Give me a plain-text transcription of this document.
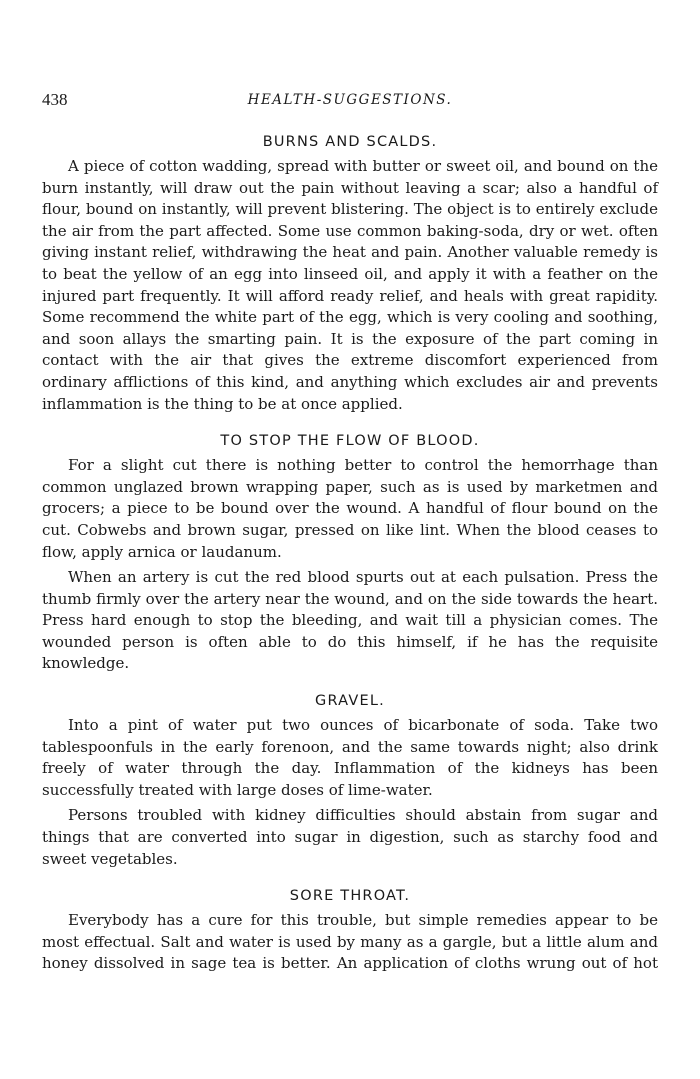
438	HEALTH-SUGGESTIONS.
BURNS AND SCALDS.

A piece of cotton wadding, spread with butter or sweet oil, and bound on the burn instantly, will draw out the pain without leaving a scar; also a handful of flour, bound on instantly, will prevent blistering. The object is to entirely exclude the air from the part affected. Some use common baking-soda, dry or wet. often giving instant relief, withdrawing the heat and pain. Another valuable remedy is to beat the yellow of an egg into linseed oil, and apply it with a feather on the injured part frequently. It will afford ready relief, and heals with great rapidity. Some recommend the white part of the egg, which is very cooling and soothing, and soon allays the smarting pain. It is the exposure of the part coming in contact with the air that gives the extreme discomfort experienced from ordinary afflictions of this kind, and anything which excludes air and prevents inflammation is the thing to be at once applied.

TO STOP THE FLOW OF BLOOD.

For a slight cut there is nothing better to control the hemorrhage than common unglazed brown wrapping paper, such as is used by marketmen and grocers; a piece to be bound over the wound. A handful of flour bound on the cut. Cobwebs and brown sugar, pressed on like lint. When the blood ceases to flow, apply arnica or laudanum.

When an artery is cut the red blood spurts out at each pulsation. Press the thumb firmly over the artery near the wound, and on the side towards the heart. Press hard enough to stop the bleeding, and wait till a physician comes. The wounded person is often able to do this himself, if he has the requisite knowledge.

GRAVEL.

Into a pint of water put two ounces of bicarbonate of soda. Take two tablespoonfuls in the early forenoon, and the same towards night; also drink freely of water through the day. Inflammation of the kidneys has been successfully treated with large doses of lime-water.

Persons troubled with kidney difficulties should abstain from sugar and things that are converted into sugar in digestion, such as starchy food and sweet vegetables.

SORE THROAT.

Everybody has a cure for this trouble, but simple remedies appear to be most effectual. Salt and water is used by many as a gargle, but a little alum and honey dissolved in sage tea is better. An application of cloths wrung out of hot
